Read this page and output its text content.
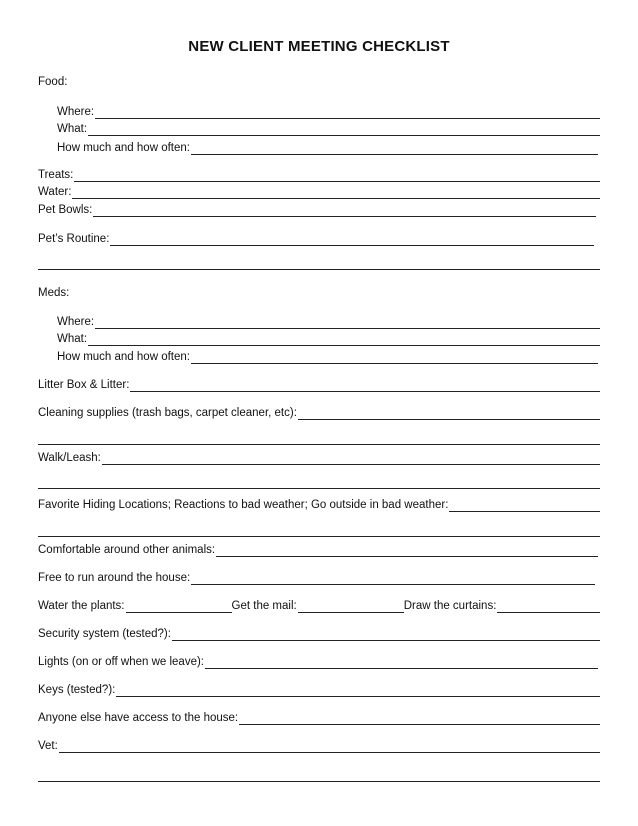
NEW CLIENT MEETING CHECKLIST
Food:
Where:
What:
How much and how often:
Treats:
Water:
Pet Bowls:
Pet’s Routine:
Meds:
Where:
What:
How much and how often:
Litter Box & Litter:
Cleaning supplies (trash bags, carpet cleaner, etc):
Walk/Leash:
Favorite Hiding Locations; Reactions to bad weather; Go outside in bad weather:
Comfortable around other animals:
Free to run around the house:
Water the plants:	Get the mail:	Draw the curtains:
Security system (tested?):
Lights (on or off when we leave):
Keys (tested?):
Anyone else have access to the house:
Vet:
